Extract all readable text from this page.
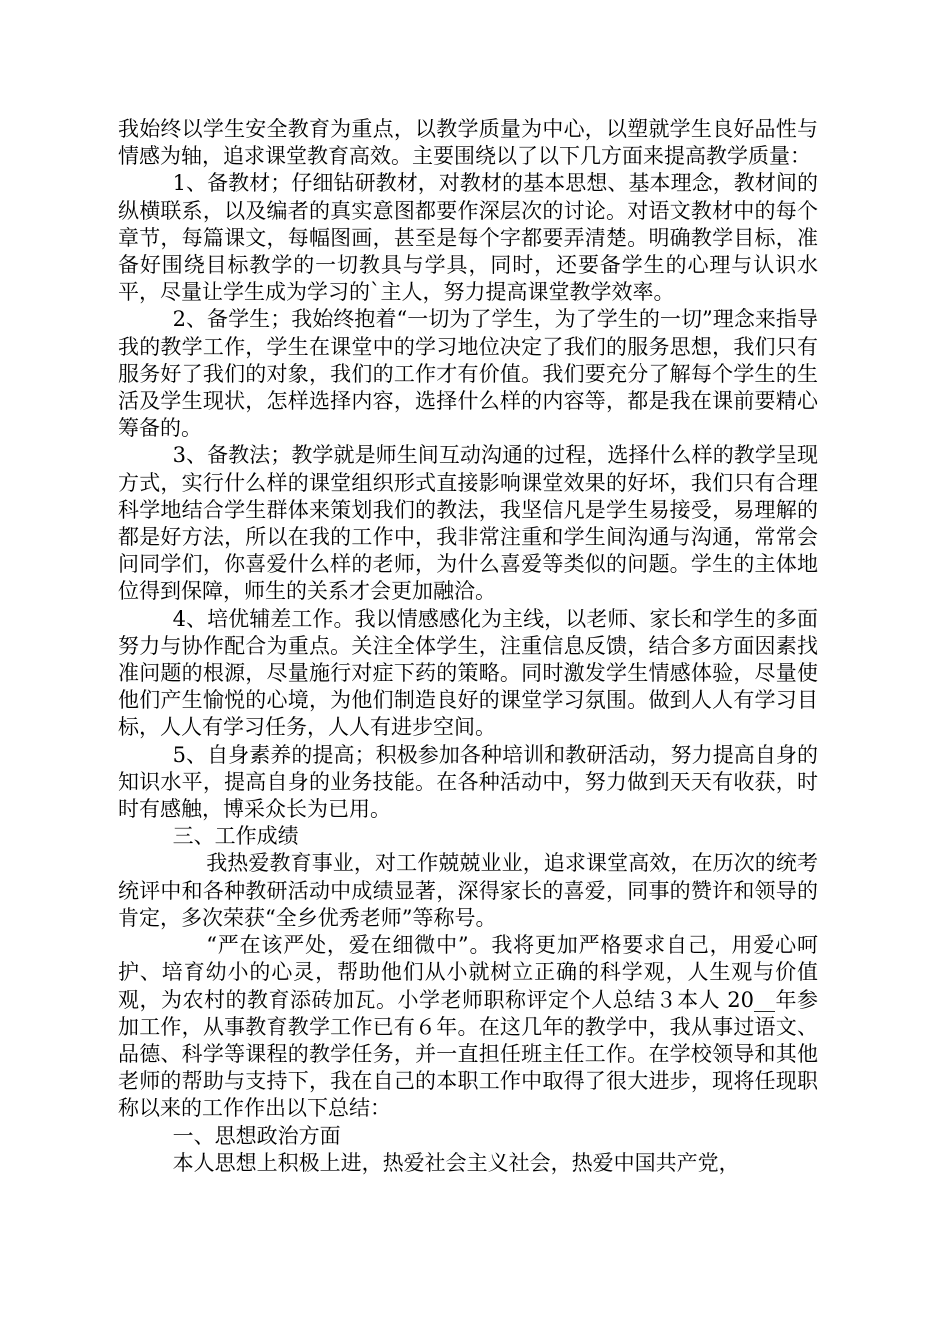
我始终以学生安全教育为重点，以教学质量为中心，以塑就学生良好品性与情感为轴，追求课堂教育高效。主要围绕以了以下几方面来提高教学质量：

1、备教材；仔细钻研教材，对教材的基本思想、基本理念，教材间的纵横联系，以及编者的真实意图都要作深层次的讨论。对语文教材中的每个章节，每篇课文，每幅图画，甚至是每个字都要弄清楚。明确教学目标，准备好围绕目标教学的一切教具与学具，同时，还要备学生的心理与认识水平，尽量让学生成为学习的`主人，努力提高课堂教学效率。

2、备学生；我始终抱着“一切为了学生，为了学生的一切”理念来指导我的教学工作，学生在课堂中的学习地位决定了我们的服务思想，我们只有服务好了我们的对象，我们的工作才有价值。我们要充分了解每个学生的生活及学生现状，怎样选择内容，选择什么样的内容等，都是我在课前要精心筹备的。

3、备教法；教学就是师生间互动沟通的过程，选择什么样的教学呈现方式，实行什么样的课堂组织形式直接影响课堂效果的好坏，我们只有合理科学地结合学生群体来策划我们的教法，我坚信凡是学生易接受，易理解的都是好方法，所以在我的工作中，我非常注重和学生间沟通与沟通，常常会问同学们，你喜爱什么样的老师，为什么喜爱等类似的问题。学生的主体地位得到保障，师生的关系才会更加融洽。

4、培优辅差工作。我以情感感化为主线，以老师、家长和学生的多面努力与协作配合为重点。关注全体学生，注重信息反馈，结合多方面因素找准问题的根源，尽量施行对症下药的策略。同时激发学生情感体验，尽量使他们产生愉悦的心境，为他们制造良好的课堂学习氛围。做到人人有学习目标，人人有学习任务，人人有进步空间。

5、自身素养的提高；积极参加各种培训和教研活动，努力提高自身的知识水平，提高自身的业务技能。在各种活动中，努力做到天天有收获，时时有感触，博采众长为已用。

三、工作成绩

我热爱教育事业，对工作兢兢业业，追求课堂高效，在历次的统考统评中和各种教研活动中成绩显著，深得家长的喜爱，同事的赞许和领导的肯定，多次荣获“全乡优秀老师”等称号。

“严在该严处，爱在细微中”。我将更加严格要求自己，用爱心呵护、培育幼小的心灵，帮助他们从小就树立正确的科学观，人生观与价值观，为农村的教育添砖加瓦。小学老师职称评定个人总结３本人 20__年参加工作，从事教育教学工作已有６年。在这几年的教学中，我从事过语文、品德、科学等课程的教学任务，并一直担任班主任工作。在学校领导和其他老师的帮助与支持下，我在自己的本职工作中取得了很大进步，现将任现职称以来的工作作出以下总结：

一、思想政治方面

本人思想上积极上进，热爱社会主义社会，热爱中国共产党，
